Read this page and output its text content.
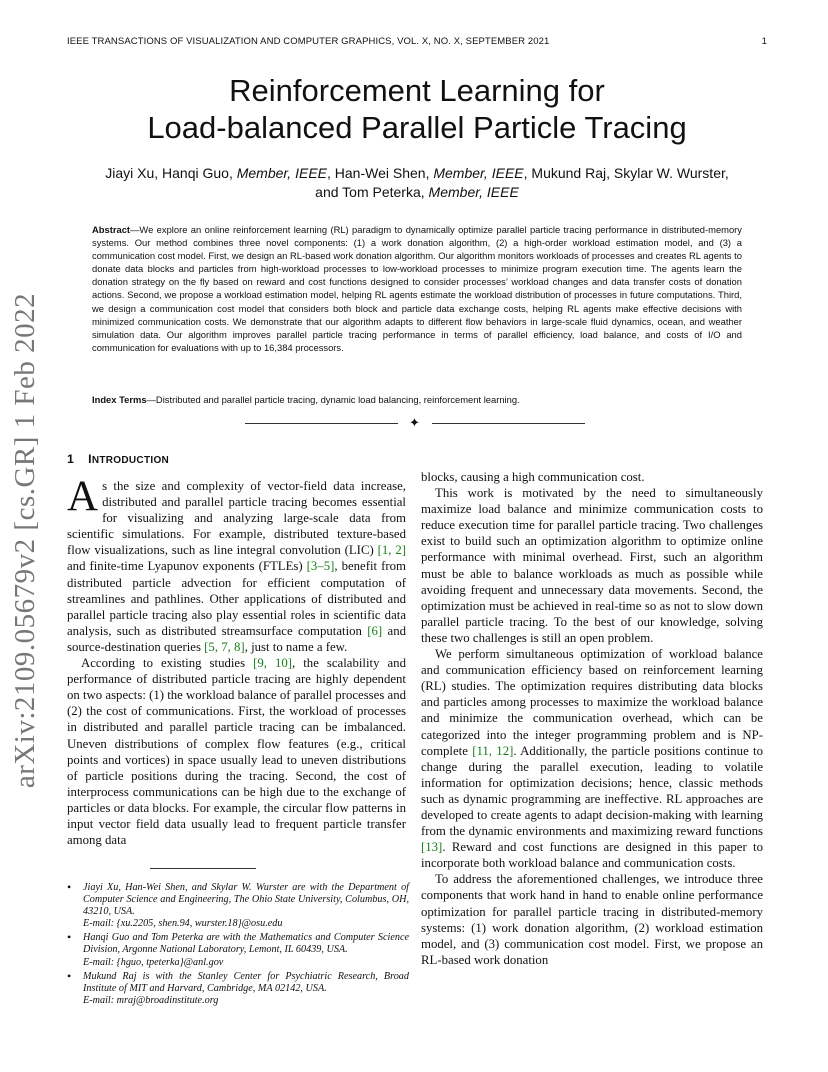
IEEE TRANSACTIONS OF VISUALIZATION AND COMPUTER GRAPHICS, VOL. X, NO. X, SEPTEMBER 2021	1
arXiv:2109.05679v2 [cs.GR] 1 Feb 2022
Reinforcement Learning for
Load-balanced Parallel Particle Tracing
Jiayi Xu, Hanqi Guo, Member, IEEE, Han-Wei Shen, Member, IEEE, Mukund Raj, Skylar W. Wurster,
and Tom Peterka, Member, IEEE
Abstract—We explore an online reinforcement learning (RL) paradigm to dynamically optimize parallel particle tracing performance in distributed-memory systems. Our method combines three novel components: (1) a work donation algorithm, (2) a high-order workload estimation model, and (3) a communication cost model. First, we design an RL-based work donation algorithm. Our algorithm monitors workloads of processes and creates RL agents to donate data blocks and particles from high-workload processes to low-workload processes to minimize program execution time. The agents learn the donation strategy on the fly based on reward and cost functions designed to consider processes’ workload changes and data transfer costs of donation actions. Second, we propose a workload estimation model, helping RL agents estimate the workload distribution of processes in future computations. Third, we design a communication cost model that considers both block and particle data exchange costs, helping RL agents make effective decisions with minimized communication costs. We demonstrate that our algorithm adapts to different flow behaviors in large-scale fluid dynamics, ocean, and weather simulation data. Our algorithm improves parallel particle tracing performance in terms of parallel efficiency, load balance, and costs of I/O and communication for evaluations with up to 16,384 processors.
Index Terms—Distributed and parallel particle tracing, dynamic load balancing, reinforcement learning.
✦
1 INTRODUCTION

As the size and complexity of vector-field data increase, distributed and parallel particle tracing becomes essential for visualizing and analyzing large-scale data from scientific simulations. For example, distributed texture-based flow visualizations, such as line integral convolution (LIC) [1, 2] and finite-time Lyapunov exponents (FTLEs) [3–5], benefit from distributed particle advection for efficient computation of streamlines and pathlines. Other applications of distributed and parallel particle tracing also play essential roles in scientific data analysis, such as distributed streamsurface computation [6] and source-destination queries [5, 7, 8], just to name a few.

According to existing studies [9, 10], the scalability and performance of distributed particle tracing are highly dependent on two aspects: (1) the workload balance of parallel processes and (2) the cost of communications. First, the workload of processes in distributed and parallel particle tracing can be imbalanced. Uneven distributions of complex flow features (e.g., critical points and vortices) in space usually lead to uneven distributions of particle positions during the tracing. Second, the cost of interprocess communications can be high due to the exchange of particles or data blocks. For example, the circular flow patterns in input vector field data usually lead to frequent particle transfer among data

blocks, causing a high communication cost.

This work is motivated by the need to simultaneously maximize load balance and minimize communication costs to reduce execution time for parallel particle tracing. Two challenges exist to build such an optimization algorithm to optimize online performance with minimal overhead. First, such an algorithm must be able to balance workloads as much as possible while avoiding frequent and unnecessary data movements. Second, the optimization must be achieved in real-time so as not to slow down parallel particle tracing. To the best of our knowledge, solving these two challenges is still an open problem.

We perform simultaneous optimization of workload balance and communication efficiency based on reinforcement learning (RL) studies. The optimization requires distributing data blocks and particles among processes to maximize the workload balance and minimize the communication overhead, which can be categorized into the integer programming problem and is NP-complete [11, 12]. Additionally, the particle positions continue to change during the parallel execution, leading to volatile information for optimization decisions; hence, classic methods such as dynamic programming are ineffective. RL approaches are developed to create agents to adapt decision-making with learning from the dynamic environments and maximizing reward functions [13]. Reward and cost functions are designed in this paper to incorporate both workload balance and communication costs.

To address the aforementioned challenges, we introduce three components that work hand in hand to enable online performance optimization for parallel particle tracing in distributed-memory systems: (1) work donation algorithm, (2) workload estimation model, and (3) communication cost model. First, we propose an RL-based work donation

• Jiayi Xu, Han-Wei Shen, and Skylar W. Wurster are with the Department of Computer Science and Engineering, The Ohio State University, Columbus, OH, 43210, USA.
E-mail: {xu.2205, shen.94, wurster.18}@osu.edu
• Hanqi Guo and Tom Peterka are with the Mathematics and Computer Science Division, Argonne National Laboratory, Lemont, IL 60439, USA.
E-mail: {hguo, tpeterka}@anl.gov
• Mukund Raj is with the Stanley Center for Psychiatric Research, Broad Institute of MIT and Harvard, Cambridge, MA 02142, USA.
E-mail: mraj@broadinstitute.org
